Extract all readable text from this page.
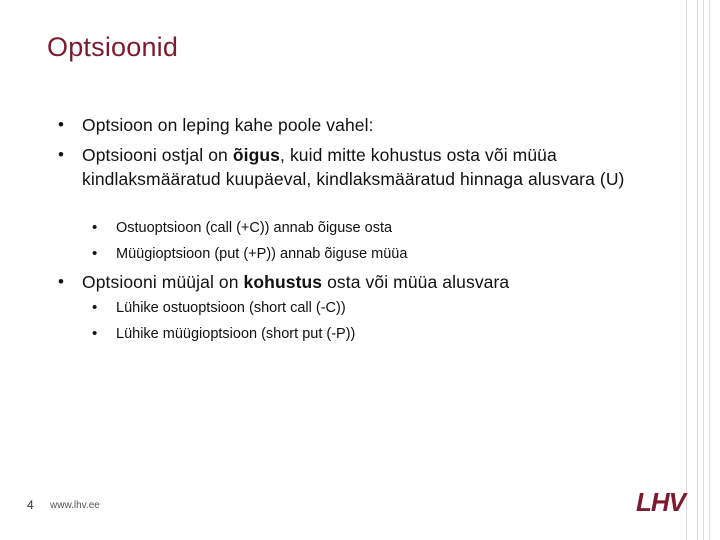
Optsioonid
• Optsioon on leping kahe poole vahel:
• Optsiooni ostjal on õigus, kuid mitte kohustus osta või müüa kindlaksmääratud kuupäeval, kindlaksmääratud hinnaga alusvara (U)
• Ostuoptsioon (call (+C)) annab õiguse osta
• Müügioptsioon (put (+P)) annab õiguse müüa
• Optsiooni müüjal on kohustus osta või müüa alusvara
• Lühike ostuoptsioon (short call (-C))
• Lühike müügioptsioon (short put (-P))
4 www.lhv.ee	LHV
